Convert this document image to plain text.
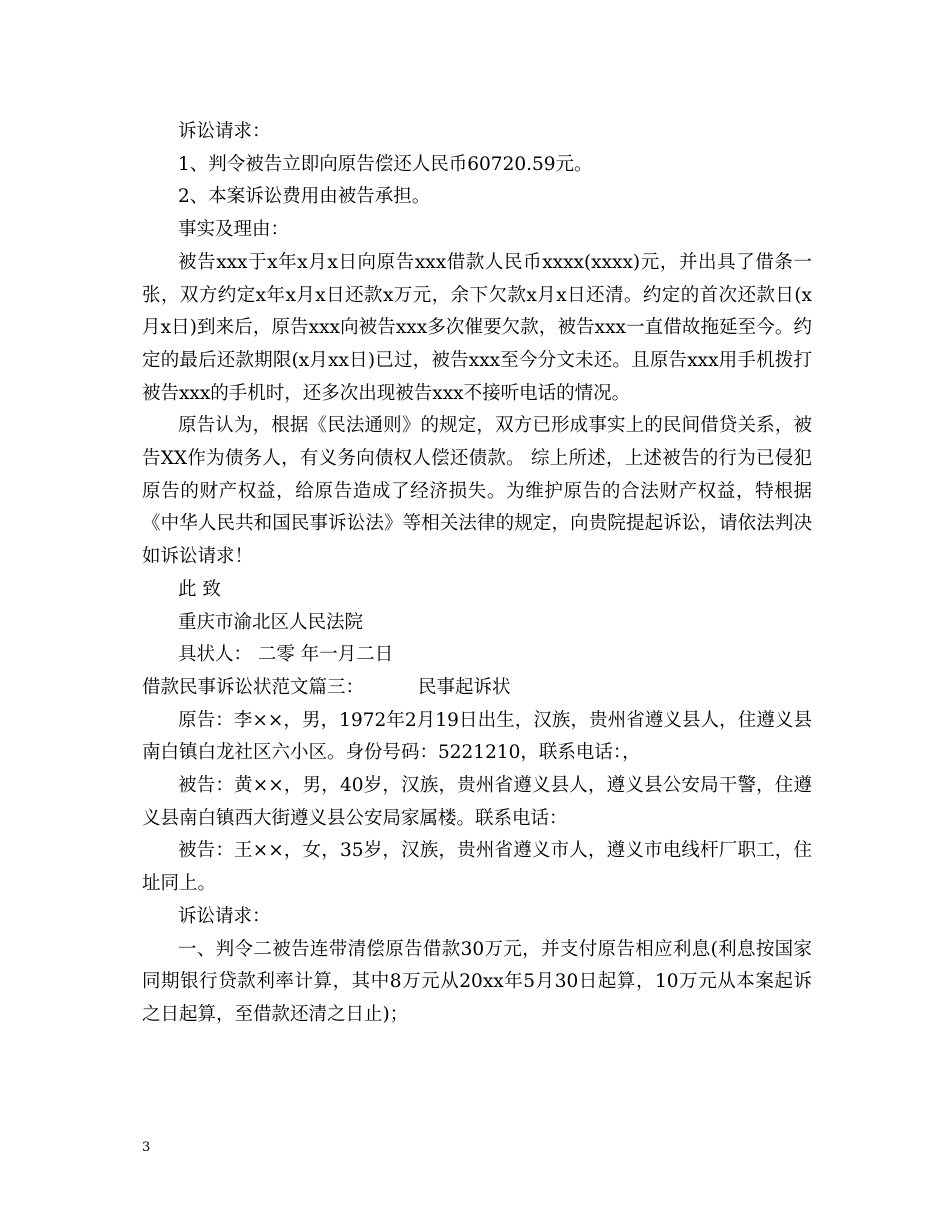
诉讼请求：

1、判令被告立即向原告偿还人民币60720.59元。

2、本案诉讼费用由被告承担。

事实及理由：

被告xxx于x年x月x日向原告xxx借款人民币xxxx(xxxx)元，并出具了借条一张，双方约定x年x月x日还款x万元，余下欠款x月x日还清。约定的首次还款日(x月x日)到来后，原告xxx向被告xxx多次催要欠款，被告xxx一直借故拖延至今。约定的最后还款期限(x月xx日)已过，被告xxx至今分文未还。且原告xxx用手机拨打被告xxx的手机时，还多次出现被告xxx不接听电话的情况。

原告认为，根据《民法通则》的规定，双方已形成事实上的民间借贷关系，被告XX作为债务人，有义务向债权人偿还债款。 综上所述，上述被告的行为已侵犯原告的财产权益，给原告造成了经济损失。为维护原告的合法财产权益，特根据《中华人民共和国民事诉讼法》等相关法律的规定，向贵院提起诉讼，请依法判决如诉讼请求！

此 致

重庆市渝北区人民法院

具状人： 二零 年一月二日

借款民事诉讼状范文篇三：	民事起诉状

原告：李××，男，1972年2月19日出生，汉族，贵州省遵义县人，住遵义县南白镇白龙社区六小区。身份号码：5221210，联系电话：，

被告：黄××，男，40岁，汉族，贵州省遵义县人，遵义县公安局干警，住遵义县南白镇西大街遵义县公安局家属楼。联系电话：

被告：王××，女，35岁，汉族，贵州省遵义市人，遵义市电线杆厂职工，住址同上。

诉讼请求：

一、判令二被告连带清偿原告借款30万元，并支付原告相应利息(利息按国家同期银行贷款利率计算，其中8万元从20xx年5月30日起算，10万元从本案起诉之日起算，至借款还清之日止)；

3
